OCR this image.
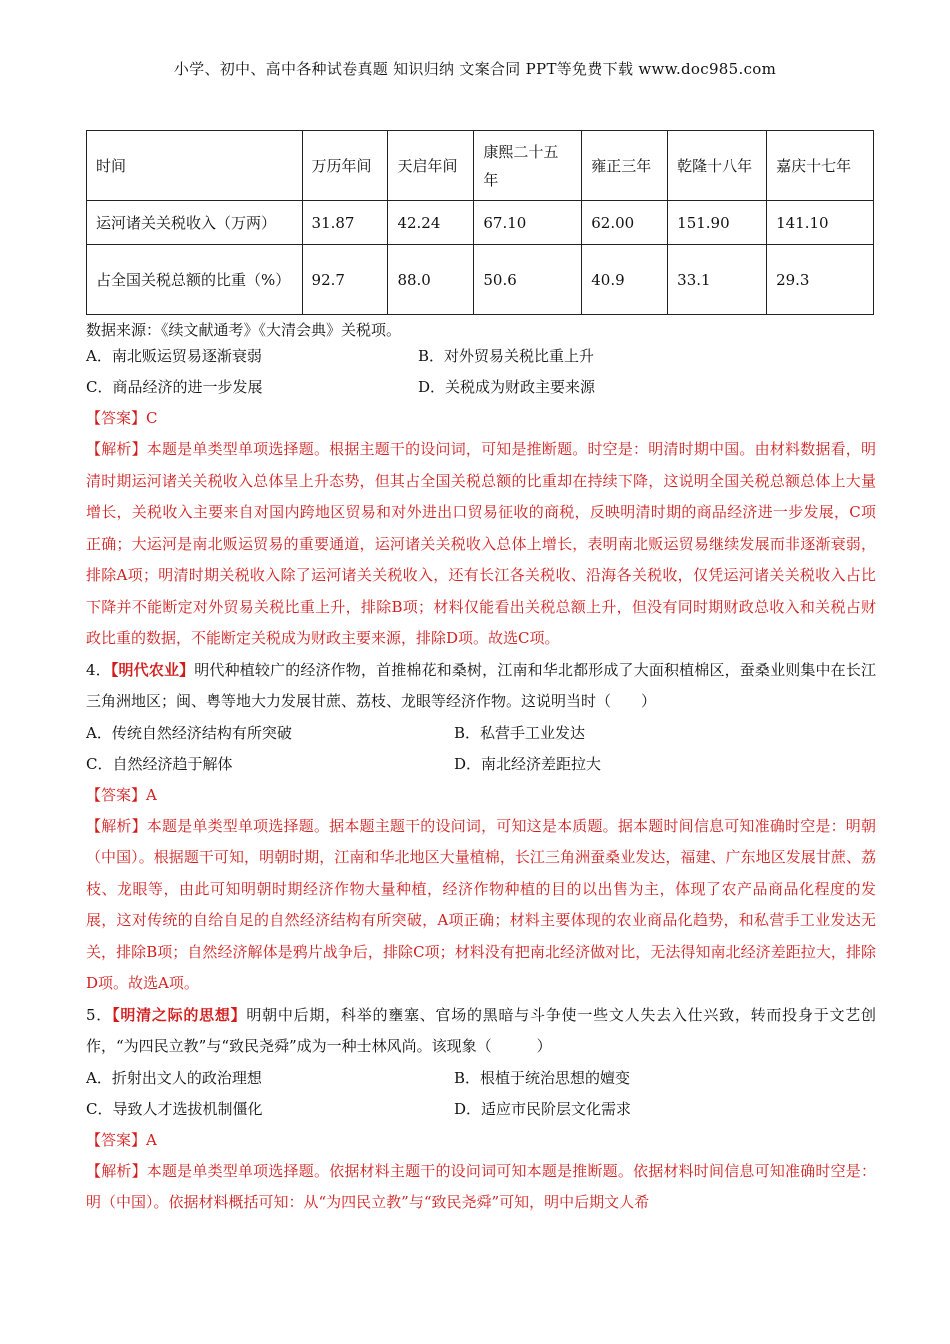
小学、初中、高中各种试卷真题 知识归纳 文案合同 PPT等免费下载 www.doc985.com
时间	万历年间	天启年间	康熙二十五年	雍正三年	乾隆十八年	嘉庆十七年
运河诸关关税收入（万两）	31.87	42.24	67.10	62.00	151.90	141.10
占全国关税总额的比重（%）	92.7	88.0	50.6	40.9	33.1	29.3
数据来源：《续文献通考》《大清会典》关税项。
A．南北贩运贸易逐渐衰弱	B．对外贸易关税比重上升
C．商品经济的进一步发展	D．关税成为财政主要来源
【答案】C
【解析】本题是单类型单项选择题。根据主题干的设问词，可知是推断题。时空是：明清时期中国。由材料数据看，明清时期运河诸关关税收入总体呈上升态势，但其占全国关税总额的比重却在持续下降，这说明全国关税总额总体上大量增长，关税收入主要来自对国内跨地区贸易和对外进出口贸易征收的商税，反映明清时期的商品经济进一步发展，C项正确；大运河是南北贩运贸易的重要通道，运河诸关关税收入总体上增长，表明南北贩运贸易继续发展而非逐渐衰弱，排除A项；明清时期关税收入除了运河诸关关税收入，还有长江各关税收、沿海各关税收，仅凭运河诸关关税收入占比下降并不能断定对外贸易关税比重上升，排除B项；材料仅能看出关税总额上升，但没有同时期财政总收入和关税占财政比重的数据，不能断定关税成为财政主要来源，排除D项。故选C项。
4．【明代农业】明代种植较广的经济作物，首推棉花和桑树，江南和华北都形成了大面积植棉区，蚕桑业则集中在长江三角洲地区；闽、粤等地大力发展甘蔗、荔枝、龙眼等经济作物。这说明当时（　　）
A．传统自然经济结构有所突破	B．私营手工业发达
C．自然经济趋于解体	D．南北经济差距拉大
【答案】A
【解析】本题是单类型单项选择题。据本题主题干的设问词，可知这是本质题。据本题时间信息可知准确时空是：明朝（中国）。根据题干可知，明朝时期，江南和华北地区大量植棉，长江三角洲蚕桑业发达，福建、广东地区发展甘蔗、荔枝、龙眼等，由此可知明朝时期经济作物大量种植，经济作物种植的目的以出售为主，体现了农产品商品化程度的发展，这对传统的自给自足的自然经济结构有所突破，A项正确；材料主要体现的农业商品化趋势，和私营手工业发达无关，排除B项；自然经济解体是鸦片战争后，排除C项；材料没有把南北经济做对比，无法得知南北经济差距拉大，排除D项。故选A项。
5．【明清之际的思想】明朝中后期，科举的壅塞、官场的黑暗与斗争使一些文人失去入仕兴致，转而投身于文艺创作，“为四民立教”与“致民尧舜”成为一种士林风尚。该现象（　　　）
A．折射出文人的政治理想	B．根植于统治思想的嬗变
C．导致人才选拔机制僵化	D．适应市民阶层文化需求
【答案】A
【解析】本题是单类型单项选择题。依据材料主题干的设问词可知本题是推断题。依据材料时间信息可知准确时空是：明（中国）。依据材料概括可知：从“为四民立教”与“致民尧舜”可知，明中后期文人希
